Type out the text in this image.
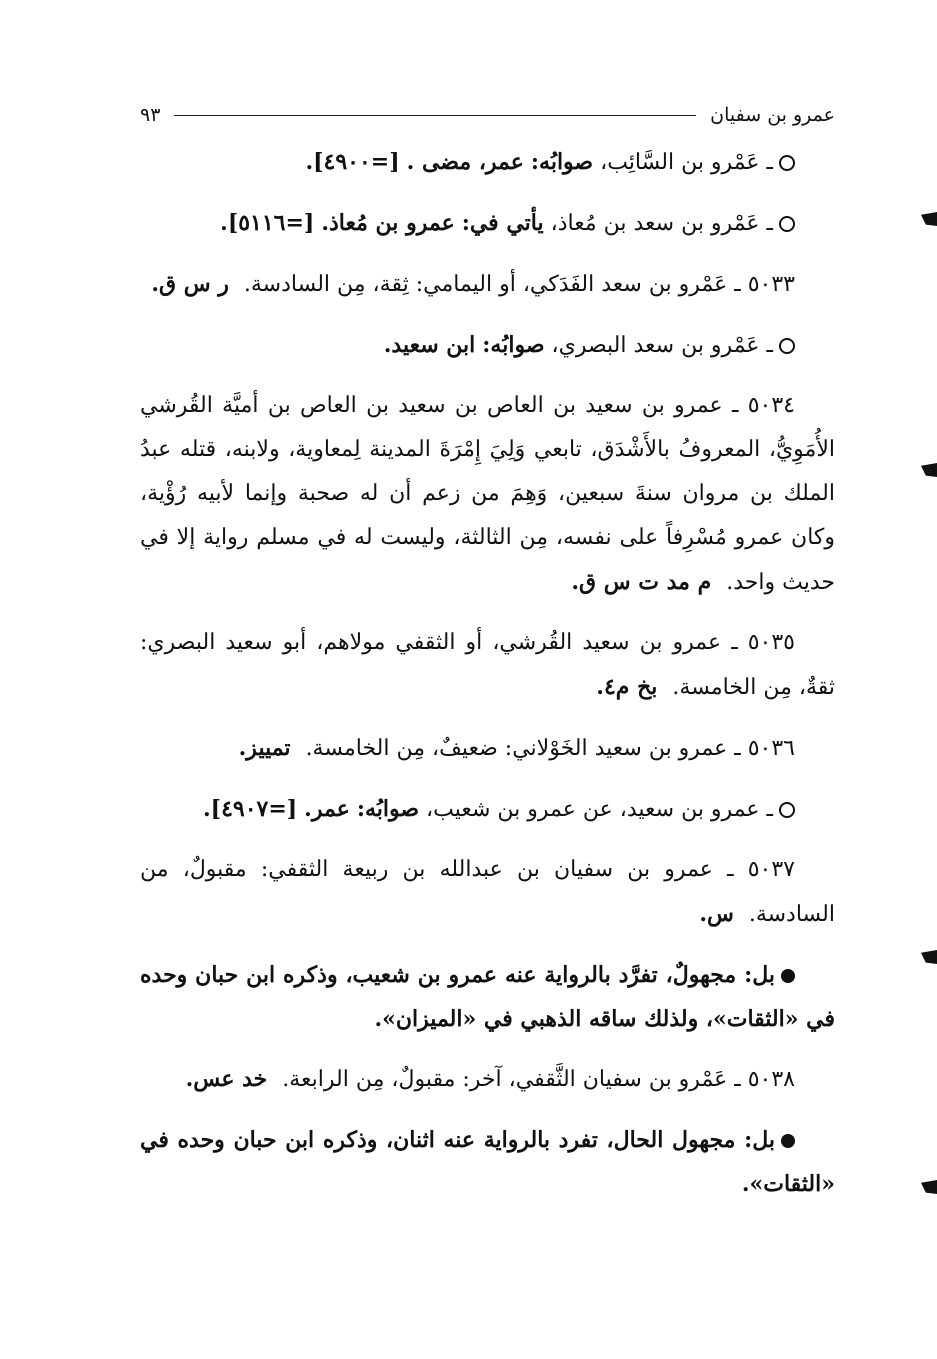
عمرو بن سفيان
٩٣

ـ عَمْرو بن السَّائِب، صوابُه: عمر، مضى . [=٤٩٠٠].

ـ عَمْرو بن سعد بن مُعاذ، يأتي في: عمرو بن مُعاذ. [=٥١١٦].

٥٠٣٣ ـ عَمْرو بن سعد الفَدَكي، أو اليمامي: ثِقة، مِن السادسة. ر س ق.

ـ عَمْرو بن سعد البصري، صوابُه: ابن سعيد.

٥٠٣٤ ـ عمرو بن سعيد بن العاص بن سعيد بن العاص بن أميَّة القُرشي الأُمَوِيُّ، المعروفُ بالأَشْدَق، تابعي وَلِيَ إِمْرَةَ المدينة لِمعاوية، ولابنه، قتله عبدُ الملك بن مروان سنةَ سبعين، وَهِمَ من زعم أن له صحبة وإنما لأبيه رُؤْية، وكان عمرو مُسْرِفاً على نفسه، مِن الثالثة، وليست له في مسلم رواية إلا في حديث واحد. م مد ت س ق.

٥٠٣٥ ـ عمرو بن سعيد القُرشي، أو الثقفي مولاهم، أبو سعيد البصري: ثقةٌ، مِن الخامسة. بخ م٤.

٥٠٣٦ ـ عمرو بن سعيد الخَوْلاني: ضعيفٌ، مِن الخامسة. تمييز.

ـ عمرو بن سعيد، عن عمرو بن شعيب، صوابُه: عمر. [=٤٩٠٧].

٥٠٣٧ ـ عمرو بن سفيان بن عبدالله بن ربيعة الثقفي: مقبولٌ، من السادسة. س.

بل: مجهولٌ، تفرَّد بالرواية عنه عمرو بن شعيب، وذكره ابن حبان وحده في «الثقات»، ولذلك ساقه الذهبي في «الميزان».

٥٠٣٨ ـ عَمْرو بن سفيان الثَّقفي، آخر: مقبولٌ، مِن الرابعة. خد عس.

بل: مجهول الحال، تفرد بالرواية عنه اثنان، وذكره ابن حبان وحده في «الثقات».
